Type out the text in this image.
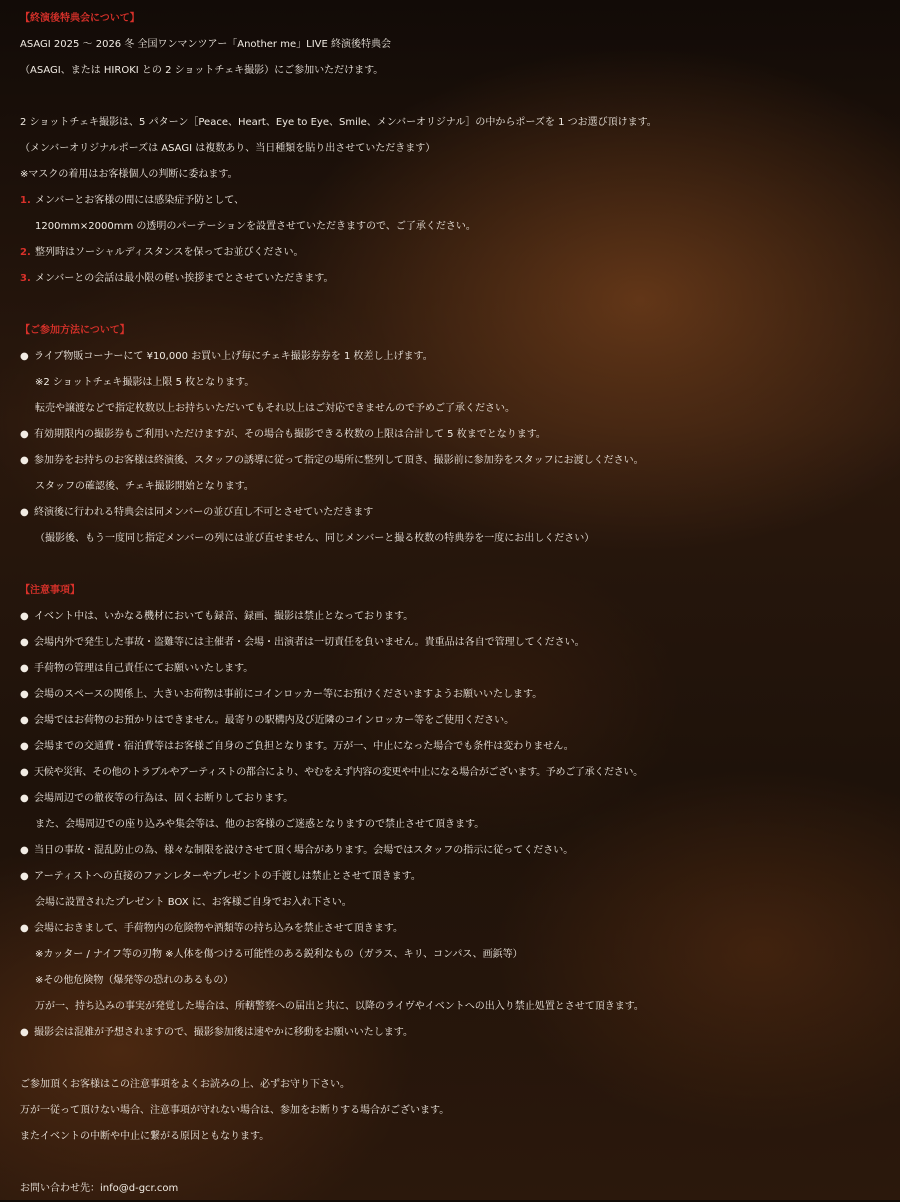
【終演後特典会について】
ASAGI 2025 〜 2026 冬 全国ワンマンツアー「Another me」LIVE 終演後特典会
（ASAGI、または HIROKI との 2 ショットチェキ撮影）にご参加いただけます。
2 ショットチェキ撮影は、5 パターン［Peace、Heart、Eye to Eye、Smile、メンバーオリジナル］の中からポーズを 1 つお選び頂けます。
（メンバーオリジナルポーズは ASAGI は複数あり、当日種類を貼り出させていただきます）
※マスクの着用はお客様個人の判断に委ねます。
1. メンバーとお客様の間には感染症予防として、
1200mm×2000mm の透明のパーテーションを設置させていただきますので、ご了承ください。
2. 整列時はソーシャルディスタンスを保ってお並びください。
3. メンバーとの会話は最小限の軽い挨拶までとさせていただきます。
【ご参加方法について】
● ライブ物販コーナーにて ¥10,000 お買い上げ毎にチェキ撮影券券を 1 枚差し上げます。
※2 ショットチェキ撮影は上限 5 枚となります。
転売や譲渡などで指定枚数以上お持ちいただいてもそれ以上はご対応できませんので予めご了承ください。
● 有効期限内の撮影券もご利用いただけますが、その場合も撮影できる枚数の上限は合計して 5 枚までとなります。
● 参加券をお持ちのお客様は終演後、スタッフの誘導に従って指定の場所に整列して頂き、撮影前に参加券をスタッフにお渡しください。
スタッフの確認後、チェキ撮影開始となります。
● 終演後に行われる特典会は同メンバーの並び直し不可とさせていただきます
（撮影後、もう一度同じ指定メンバーの列には並び直せません、同じメンバーと撮る枚数の特典券を一度にお出しください）
【注意事項】
● イベント中は、いかなる機材においても録音、録画、撮影は禁止となっております。
● 会場内外で発生した事故・盗難等には主催者・会場・出演者は一切責任を負いません。貴重品は各自で管理してください。
● 手荷物の管理は自己責任にてお願いいたします。
● 会場のスペースの関係上、大きいお荷物は事前にコインロッカー等にお預けくださいますようお願いいたします。
● 会場ではお荷物のお預かりはできません。最寄りの駅構内及び近隣のコインロッカー等をご使用ください。
● 会場までの交通費・宿泊費等はお客様ご自身のご負担となります。万が一、中止になった場合でも条件は変わりません。
● 天候や災害、その他のトラブルやアーティストの都合により、やむをえず内容の変更や中止になる場合がございます。予めご了承ください。
● 会場周辺での徹夜等の行為は、固くお断りしております。
また、会場周辺での座り込みや集会等は、他のお客様のご迷惑となりますので禁止させて頂きます。
● 当日の事故・混乱防止の為、様々な制限を設けさせて頂く場合があります。会場ではスタッフの指示に従ってください。
● アーティストへの直接のファンレターやプレゼントの手渡しは禁止とさせて頂きます。
会場に設置されたプレゼント BOX に、お客様ご自身でお入れ下さい。
● 会場におきまして、手荷物内の危険物や酒類等の持ち込みを禁止させて頂きます。
※カッター / ナイフ等の刃物 ※人体を傷つける可能性のある鋭利なもの（ガラス、キリ、コンパス、画鋲等）
※その他危険物（爆発等の恐れのあるもの）
万が一、持ち込みの事実が発覚した場合は、所轄警察への届出と共に、以降のライヴやイベントへの出入り禁止処置とさせて頂きます。
● 撮影会は混雑が予想されますので、撮影参加後は速やかに移動をお願いいたします。
ご参加頂くお客様はこの注意事項をよくお読みの上、必ずお守り下さい。
万が一従って頂けない場合、注意事項が守れない場合は、参加をお断りする場合がございます。
またイベントの中断や中止に繋がる原因ともなります。
お問い合わせ先：info@d-gcr.com
